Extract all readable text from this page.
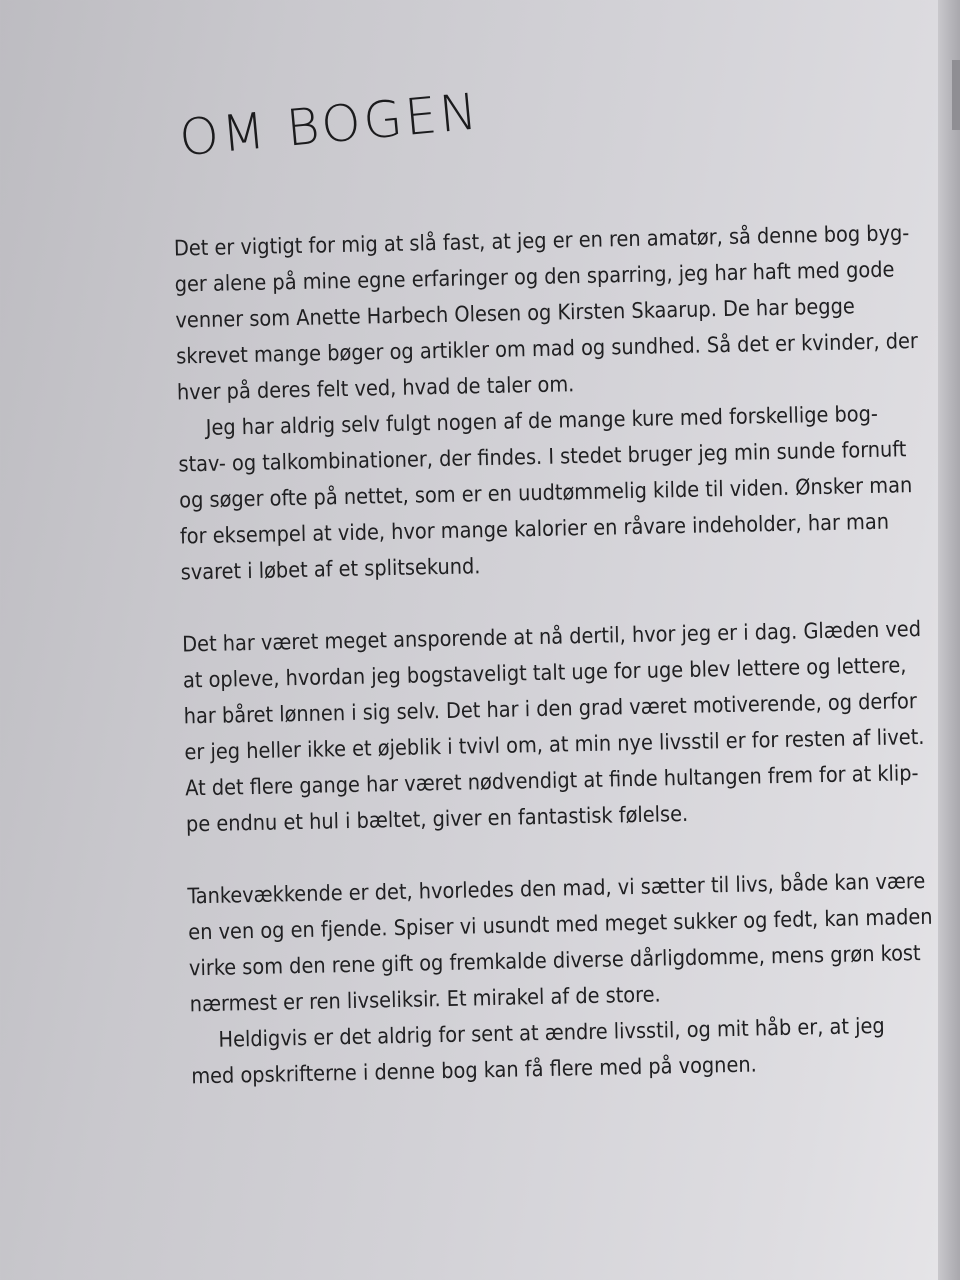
OM BOGEN

Det er vigtigt for mig at slå fast, at jeg er en ren amatør, så denne bog byg-
ger alene på mine egne erfaringer og den sparring, jeg har haft med gode
venner som Anette Harbech Olesen og Kirsten Skaarup. De har begge
skrevet mange bøger og artikler om mad og sundhed. Så det er kvinder, der
hver på deres felt ved, hvad de taler om.

Jeg har aldrig selv fulgt nogen af de mange kure med forskellige bog-
stav- og talkombinationer, der findes. I stedet bruger jeg min sunde fornuft
og søger ofte på nettet, som er en uudtømmelig kilde til viden. Ønsker man
for eksempel at vide, hvor mange kalorier en råvare indeholder, har man
svaret i løbet af et splitsekund.

Det har været meget ansporende at nå dertil, hvor jeg er i dag. Glæden ved
at opleve, hvordan jeg bogstaveligt talt uge for uge blev lettere og lettere,
har båret lønnen i sig selv. Det har i den grad været motiverende, og derfor
er jeg heller ikke et øjeblik i tvivl om, at min nye livsstil er for resten af livet.
At det flere gange har været nødvendigt at finde hultangen frem for at klip-
pe endnu et hul i bæltet, giver en fantastisk følelse.

Tankevækkende er det, hvorledes den mad, vi sætter til livs, både kan være
en ven og en fjende. Spiser vi usundt med meget sukker og fedt, kan maden
virke som den rene gift og fremkalde diverse dårligdomme, mens grøn kost
nærmest er ren livseliksir. Et mirakel af de store.

Heldigvis er det aldrig for sent at ændre livsstil, og mit håb er, at jeg
med opskrifterne i denne bog kan få flere med på vognen.
